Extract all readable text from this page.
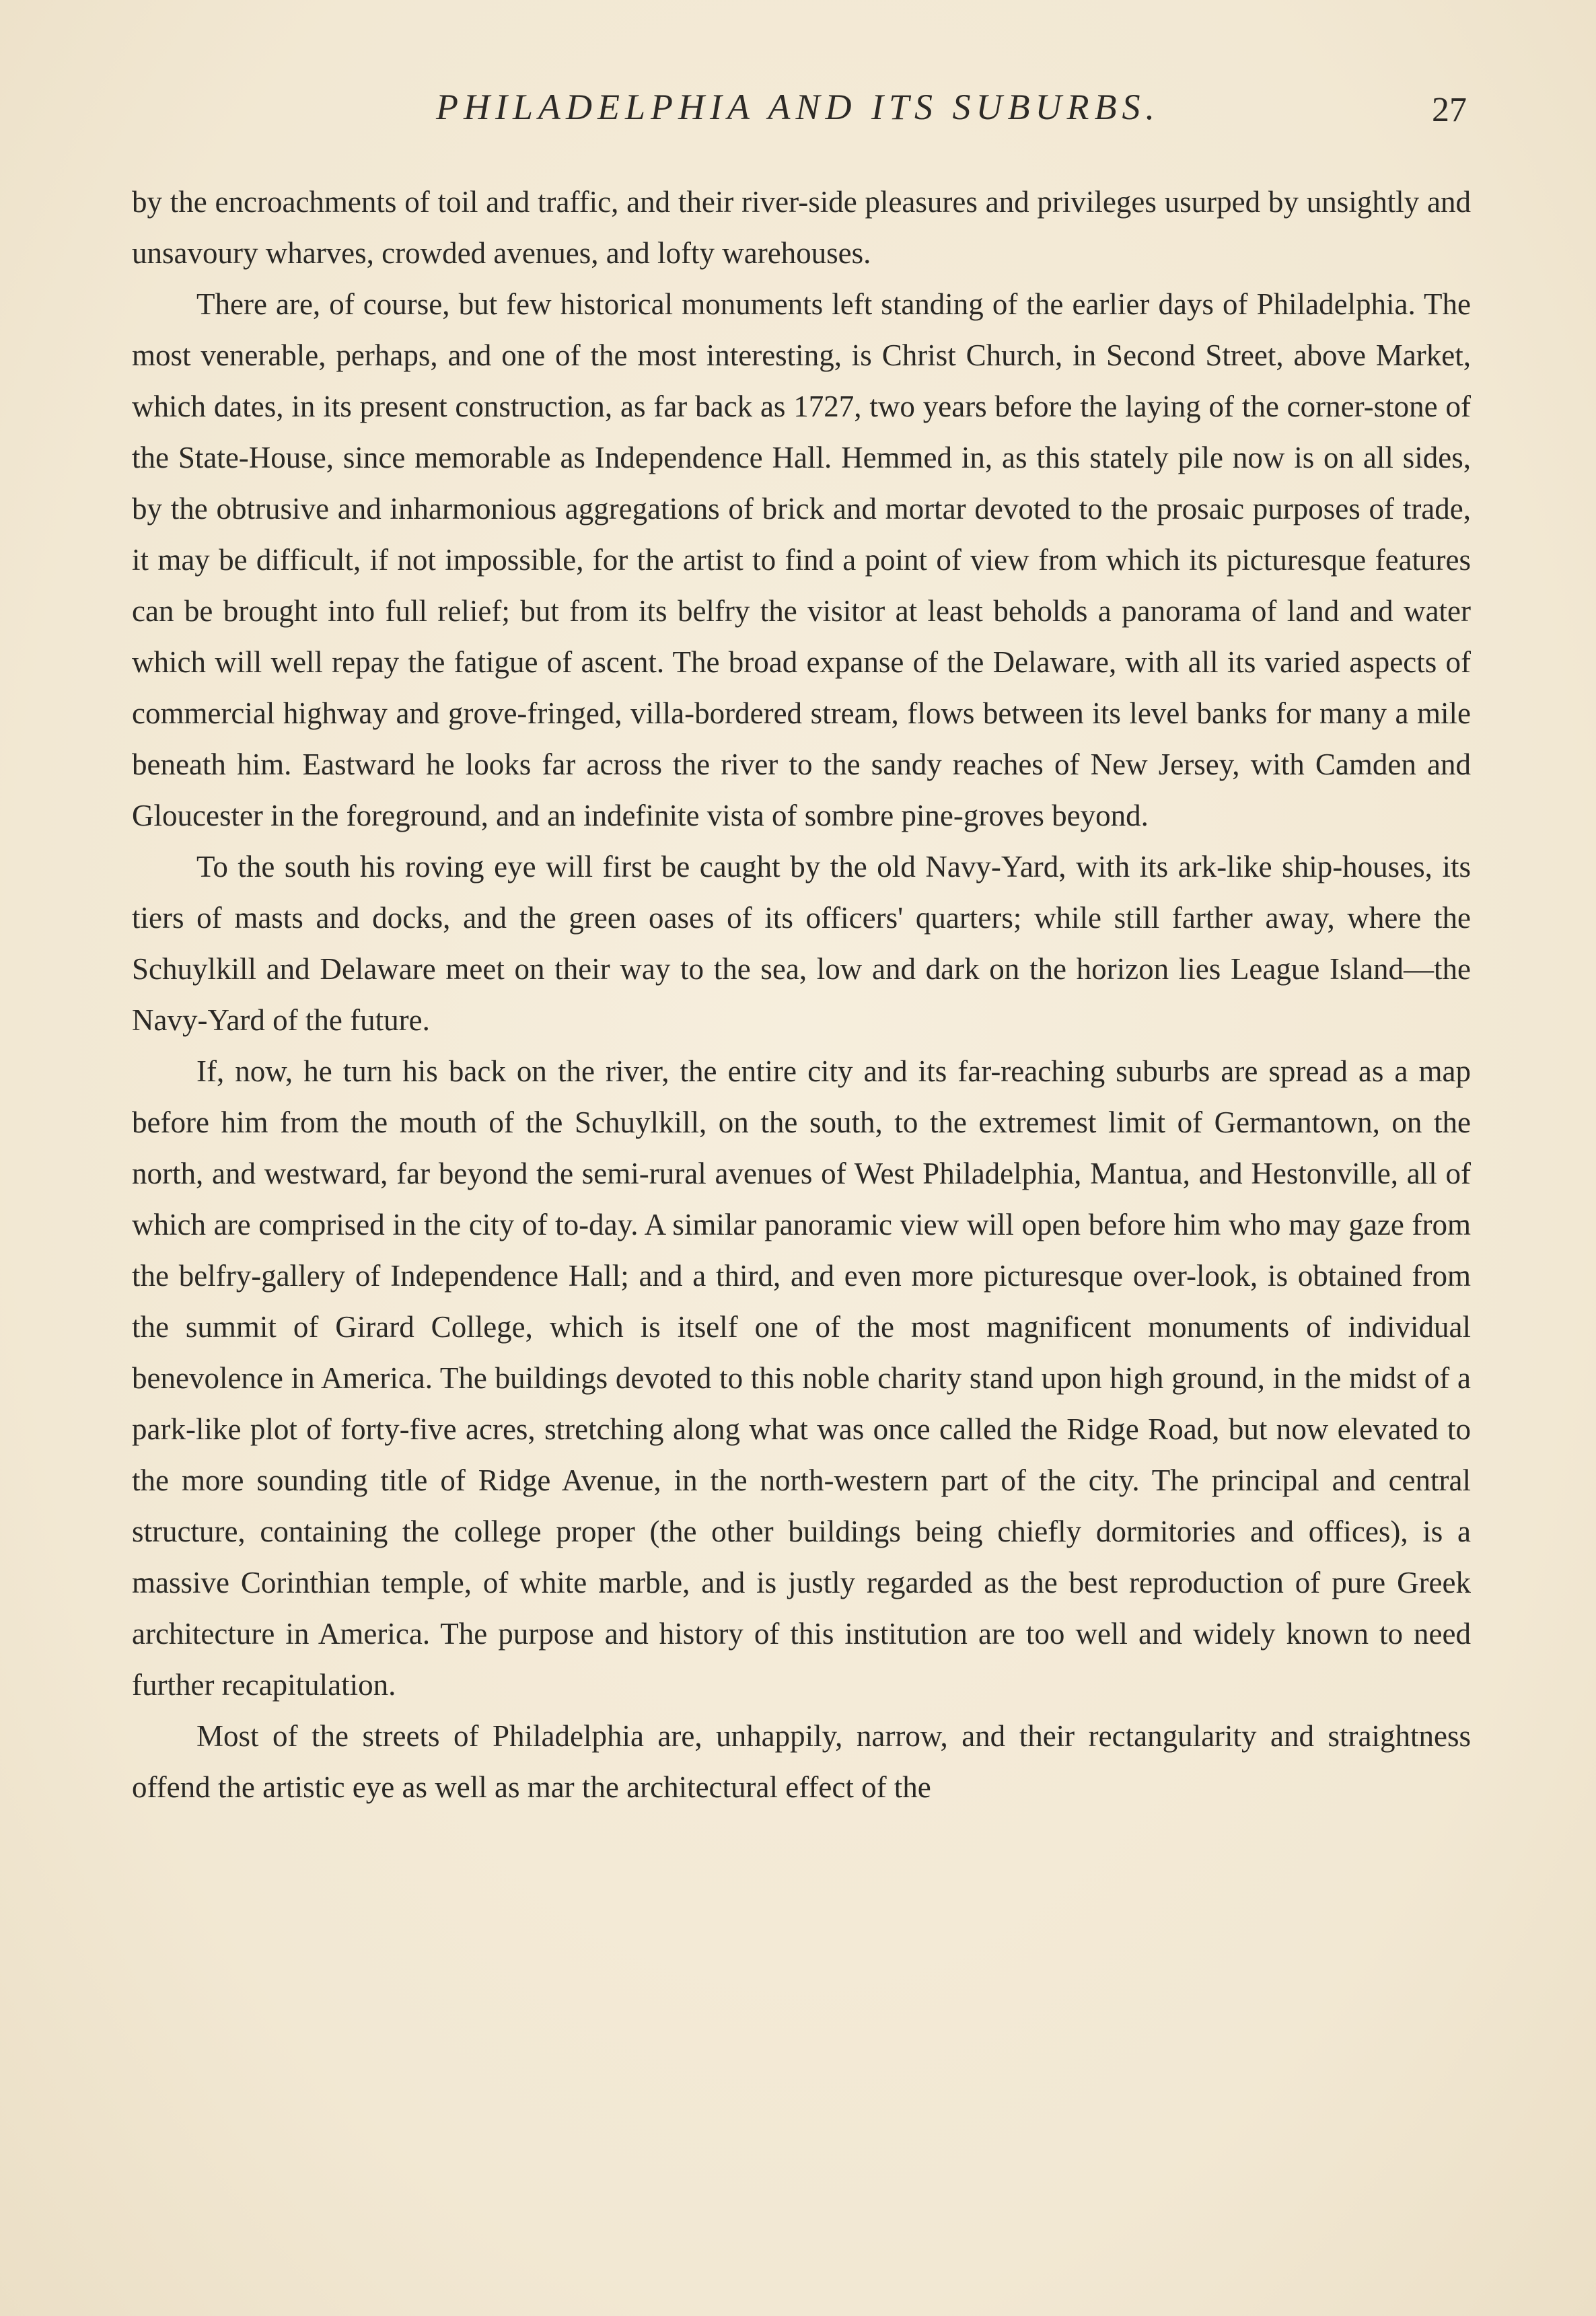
PHILADELPHIA AND ITS SUBURBS.	27

by the encroachments of toil and traffic, and their river-side pleasures and privileges usurped by unsightly and unsavoury wharves, crowded avenues, and lofty warehouses.

There are, of course, but few historical monuments left standing of the earlier days of Philadelphia. The most venerable, perhaps, and one of the most interesting, is Christ Church, in Second Street, above Market, which dates, in its present construction, as far back as 1727, two years before the laying of the corner-stone of the State-House, since memorable as Independence Hall. Hemmed in, as this stately pile now is on all sides, by the obtrusive and inharmonious aggregations of brick and mortar devoted to the prosaic purposes of trade, it may be difficult, if not impossible, for the artist to find a point of view from which its picturesque features can be brought into full relief; but from its belfry the visitor at least beholds a panorama of land and water which will well repay the fatigue of ascent. The broad expanse of the Delaware, with all its varied aspects of commercial highway and grove-fringed, villa-bordered stream, flows between its level banks for many a mile beneath him. Eastward he looks far across the river to the sandy reaches of New Jersey, with Camden and Gloucester in the foreground, and an indefinite vista of sombre pine-groves beyond.

To the south his roving eye will first be caught by the old Navy-Yard, with its ark-like ship-houses, its tiers of masts and docks, and the green oases of its officers' quarters; while still farther away, where the Schuylkill and Delaware meet on their way to the sea, low and dark on the horizon lies League Island—the Navy-Yard of the future.

If, now, he turn his back on the river, the entire city and its far-reaching suburbs are spread as a map before him from the mouth of the Schuylkill, on the south, to the extremest limit of Germantown, on the north, and westward, far beyond the semi-rural avenues of West Philadelphia, Mantua, and Hestonville, all of which are comprised in the city of to-day. A similar panoramic view will open before him who may gaze from the belfry-gallery of Independence Hall; and a third, and even more picturesque over-look, is obtained from the summit of Girard College, which is itself one of the most magnificent monuments of individual benevolence in America. The buildings devoted to this noble charity stand upon high ground, in the midst of a park-like plot of forty-five acres, stretching along what was once called the Ridge Road, but now elevated to the more sounding title of Ridge Avenue, in the north-western part of the city. The principal and central structure, containing the college proper (the other buildings being chiefly dormitories and offices), is a massive Corinthian temple, of white marble, and is justly regarded as the best reproduction of pure Greek architecture in America. The purpose and history of this institution are too well and widely known to need further recapitulation.

Most of the streets of Philadelphia are, unhappily, narrow, and their rectangularity and straightness offend the artistic eye as well as mar the architectural effect of the
